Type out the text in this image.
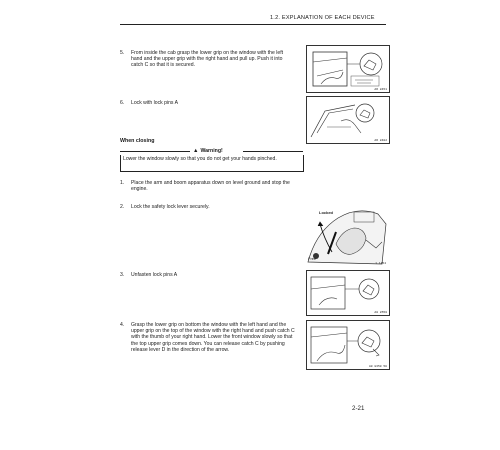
1.2. EXPLANATION OF EACH DEVICE
5. From inside the cab grasp the lower grip on the window with the left hand and the upper grip with the right hand and pull up. Push it into catch C so that it is secured.
AO 8451
6. Lock with lock pins A
AO 8402
When closing
▲ Warning!
Lower the window slowly so that you do not get your hands pinched.
1. Place the arm and boom apparatus down on level ground and stop the engine.
2. Lock the safety lock lever securely.
Locked
Free
1 1454
3. Unfasten lock pins A
A0 8550
4. Grasp the lower grip on bottom the window with the left hand and the upper grip on the top of the window with the right hand and push catch C with the thumb of your right hand. Lower the front window slowly so that the top upper grip comes down. You can release catch C by pushing release lever D in the direction of the arrow.
A0 8350 50
2-21
